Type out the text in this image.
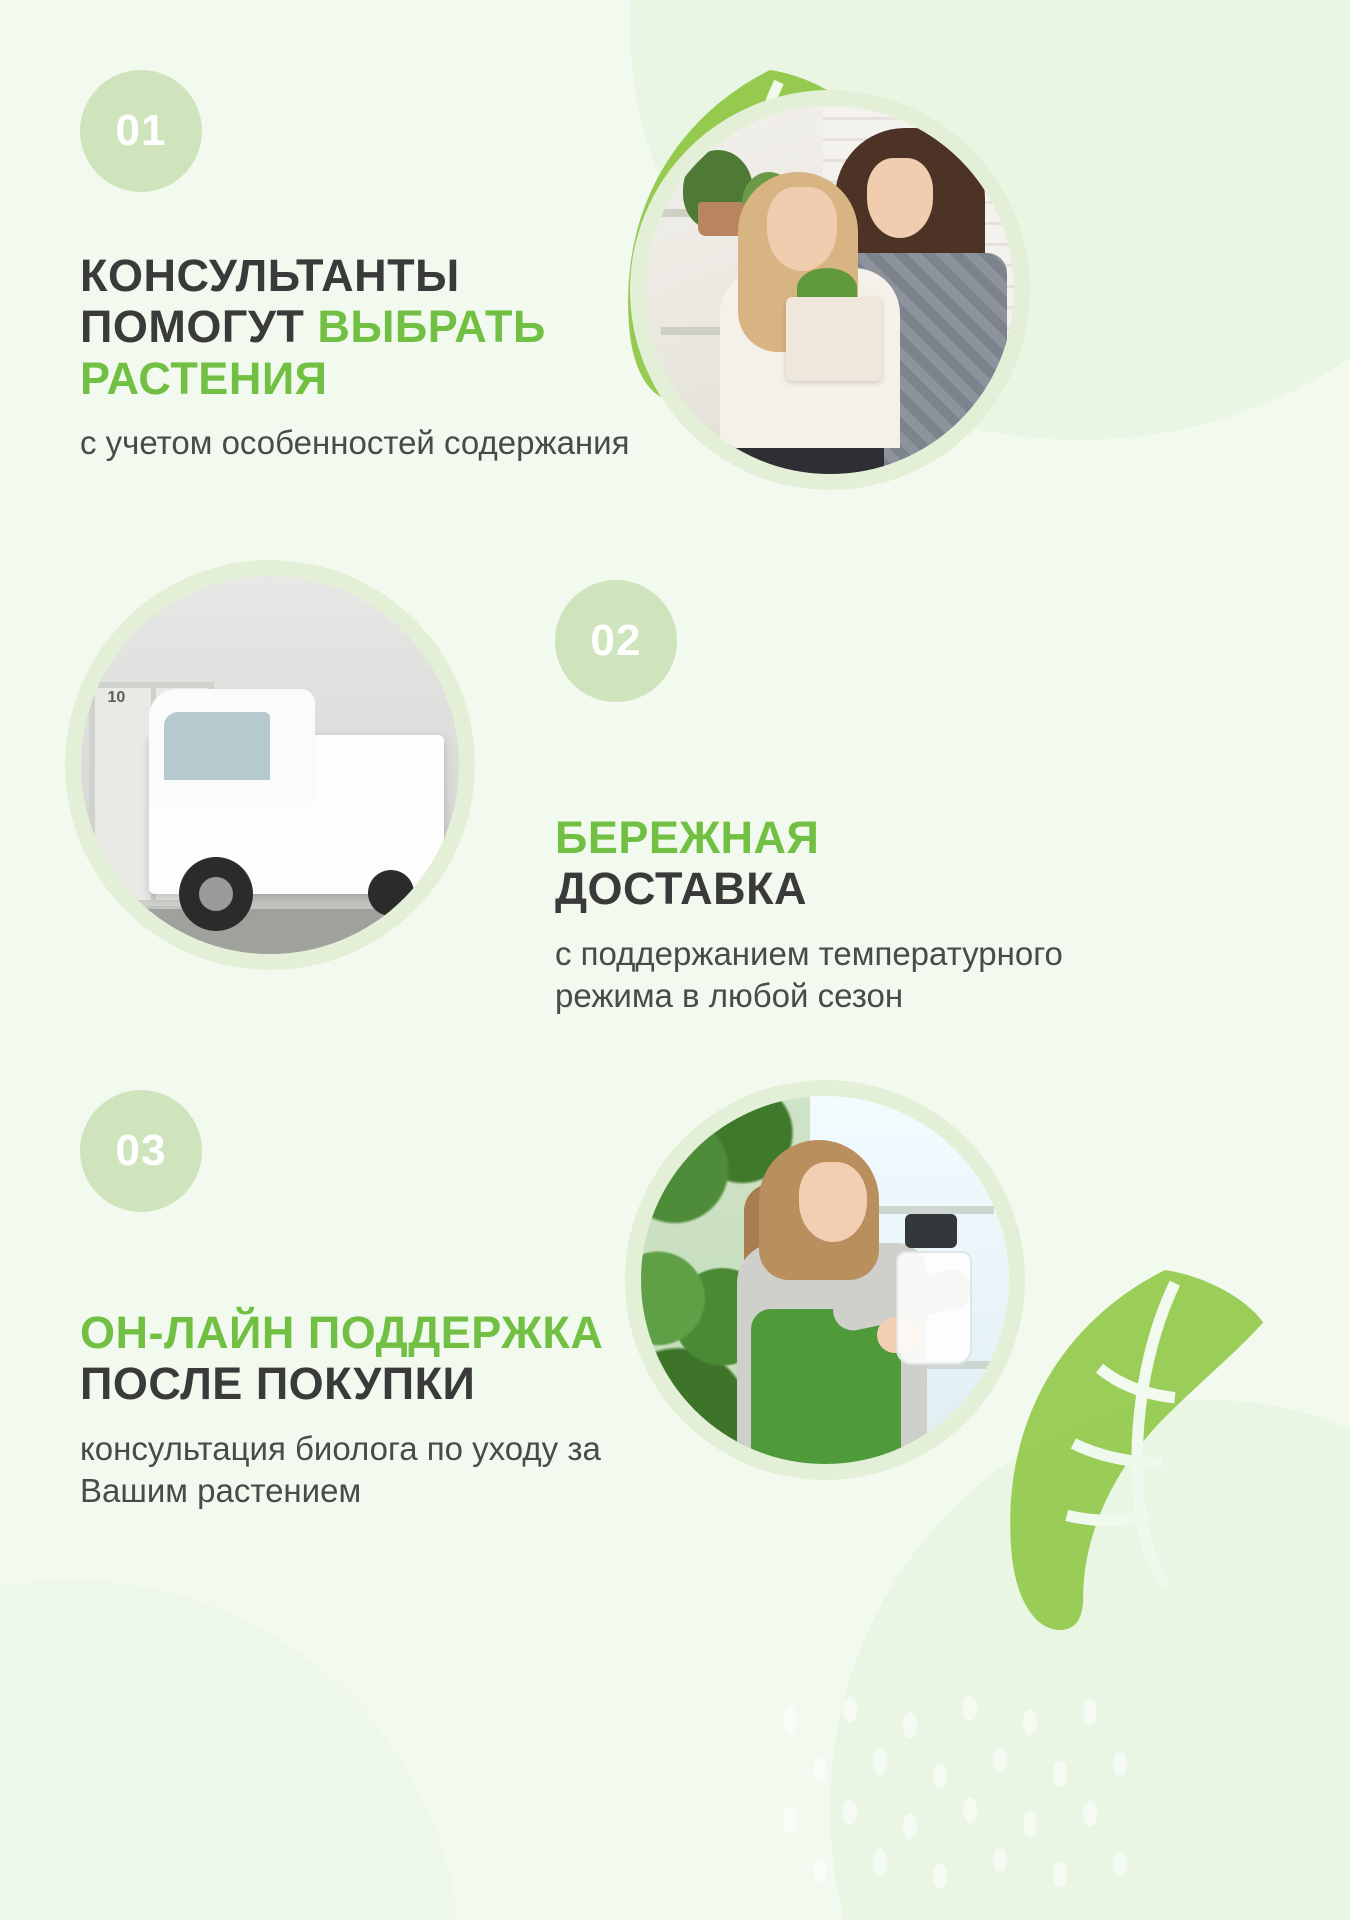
01
КОНСУЛЬТАНТЫ ПОМОГУТ ВЫБРАТЬ РАСТЕНИЯ
с учетом особенностей содержания
02
БЕРЕЖНАЯ
ДОСТАВКА
с поддержанием температурного режима в любой сезон
10
03
ОН-ЛАЙН ПОДДЕРЖКА
ПОСЛЕ ПОКУПКИ
консультация биолога по уходу за Вашим растением
